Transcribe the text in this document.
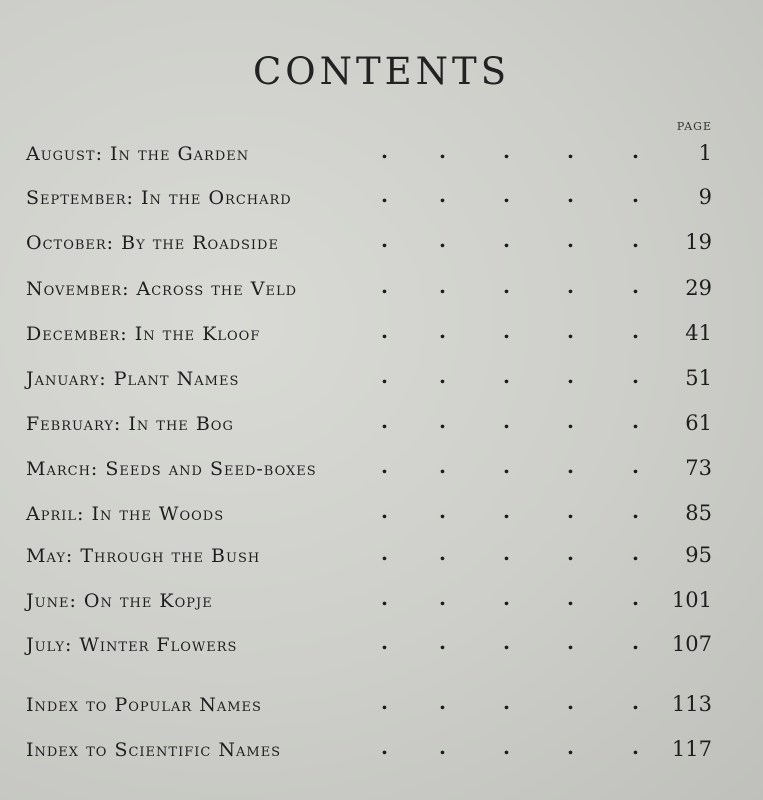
CONTENTS
PAGE
August: In the Garden	1
.	.	.	.	.
September: In the Orchard	9
.	.	.	.	.
October: By the Roadside	19
.	.	.	.	.
November: Across the Veld	29
.	.	.	.	.
December: In the Kloof	41
.	.	.	.	.
January: Plant Names	51
.	.	.	.	.
February: In the Bog	61
.	.	.	.	.
March: Seeds and Seed-boxes	73
.	.	.	.	.
April: In the Woods	85
.	.	.	.	.
May: Through the Bush	95
.	.	.	.	.
June: On the Kopje	101
.	.	.	.	.
July: Winter Flowers	107
.	.	.	.	.
Index to Popular Names	113
.	.	.	.	.
Index to Scientific Names	117
.	.	.	.	.
